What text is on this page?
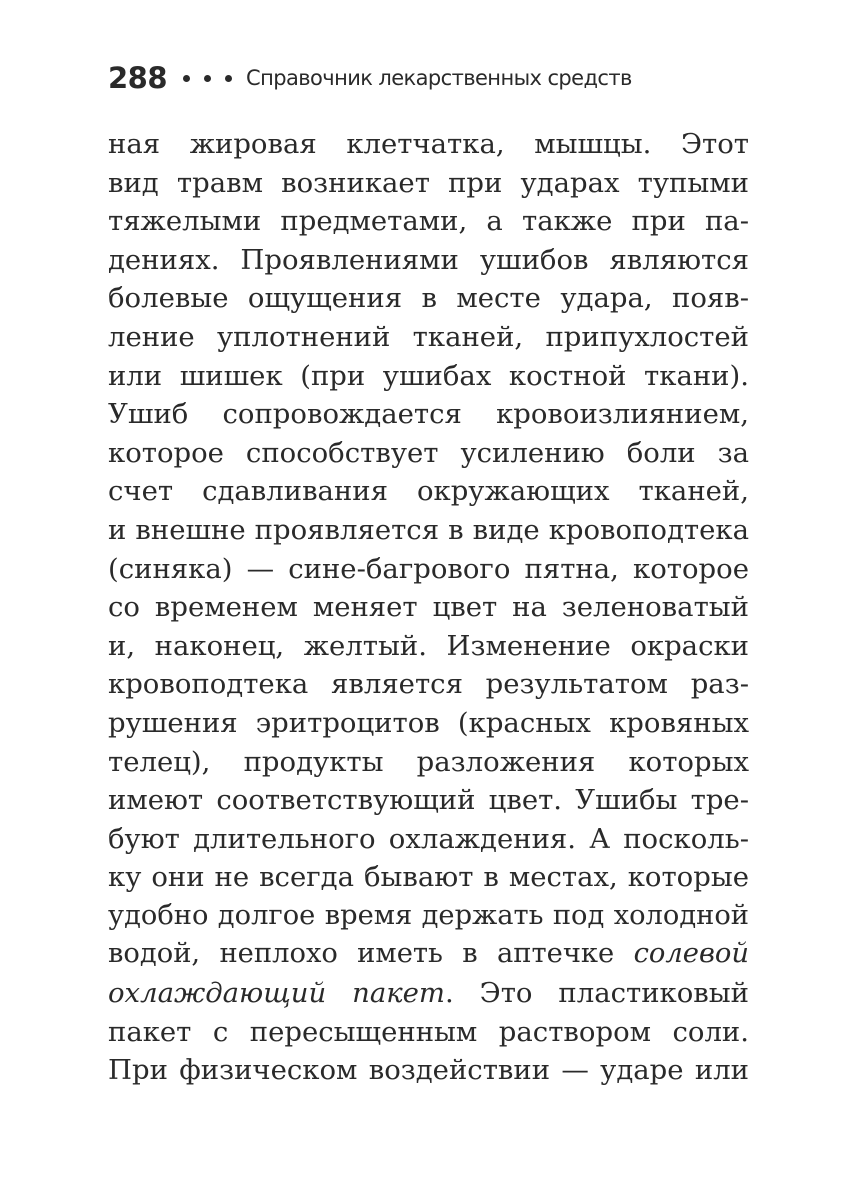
288	Справочник лекарственных средств
ная жировая клетчатка, мышцы. Этот
вид травм возникает при ударах тупыми
тяжелыми предметами, а также при па-
дениях. Проявлениями ушибов являются
болевые ощущения в месте удара, появ-
ление уплотнений тканей, припухлостей
или шишек (при ушибах костной ткани).
Ушиб сопровождается кровоизлиянием,
которое способствует усилению боли за
счет сдавливания окружающих тканей,
и внешне проявляется в виде кровоподтека
(синяка) — сине-багрового пятна, которое
со временем меняет цвет на зеленоватый
и, наконец, желтый. Изменение окраски
кровоподтека является результатом раз-
рушения эритроцитов (красных кровяных
телец), продукты разложения которых
имеют соответствующий цвет. Ушибы тре-
буют длительного охлаждения. А посколь-
ку они не всегда бывают в местах, которые
удобно долгое время держать под холодной
водой, неплохо иметь в аптечке солевой
охлаждающий пакет. Это пластиковый
пакет с пересыщенным раствором соли.
При физическом воздействии — ударе или
